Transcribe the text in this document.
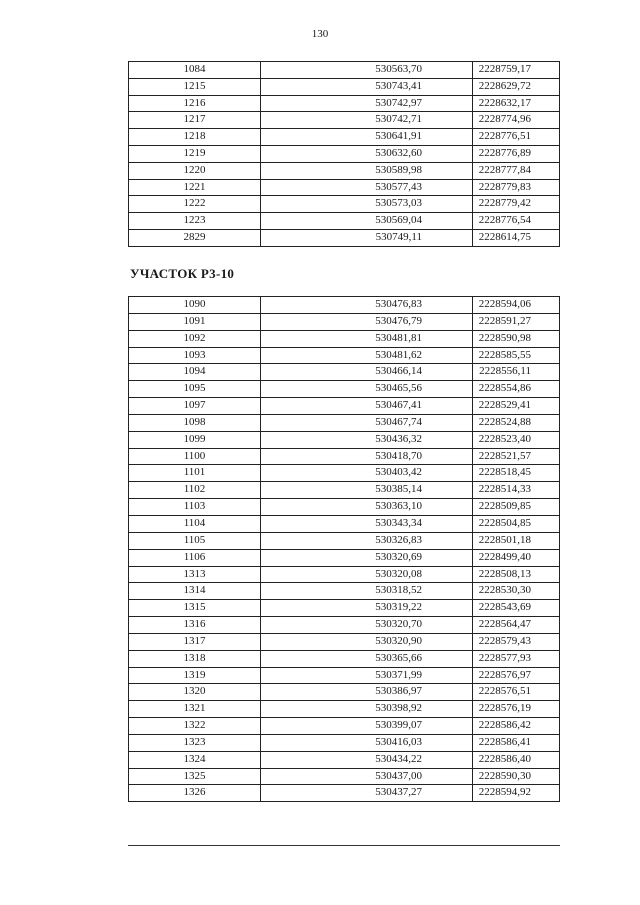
130
1084	530563,70	2228759,17
1215	530743,41	2228629,72
1216	530742,97	2228632,17
1217	530742,71	2228774,96
1218	530641,91	2228776,51
1219	530632,60	2228776,89
1220	530589,98	2228777,84
1221	530577,43	2228779,83
1222	530573,03	2228779,42
1223	530569,04	2228776,54
2829	530749,11	2228614,75
УЧАСТОК Р3-10
1090	530476,83	2228594,06
1091	530476,79	2228591,27
1092	530481,81	2228590,98
1093	530481,62	2228585,55
1094	530466,14	2228556,11
1095	530465,56	2228554,86
1097	530467,41	2228529,41
1098	530467,74	2228524,88
1099	530436,32	2228523,40
1100	530418,70	2228521,57
1101	530403,42	2228518,45
1102	530385,14	2228514,33
1103	530363,10	2228509,85
1104	530343,34	2228504,85
1105	530326,83	2228501,18
1106	530320,69	2228499,40
1313	530320,08	2228508,13
1314	530318,52	2228530,30
1315	530319,22	2228543,69
1316	530320,70	2228564,47
1317	530320,90	2228579,43
1318	530365,66	2228577,93
1319	530371,99	2228576,97
1320	530386,97	2228576,51
1321	530398,92	2228576,19
1322	530399,07	2228586,42
1323	530416,03	2228586,41
1324	530434,22	2228586,40
1325	530437,00	2228590,30
1326	530437,27	2228594,92
